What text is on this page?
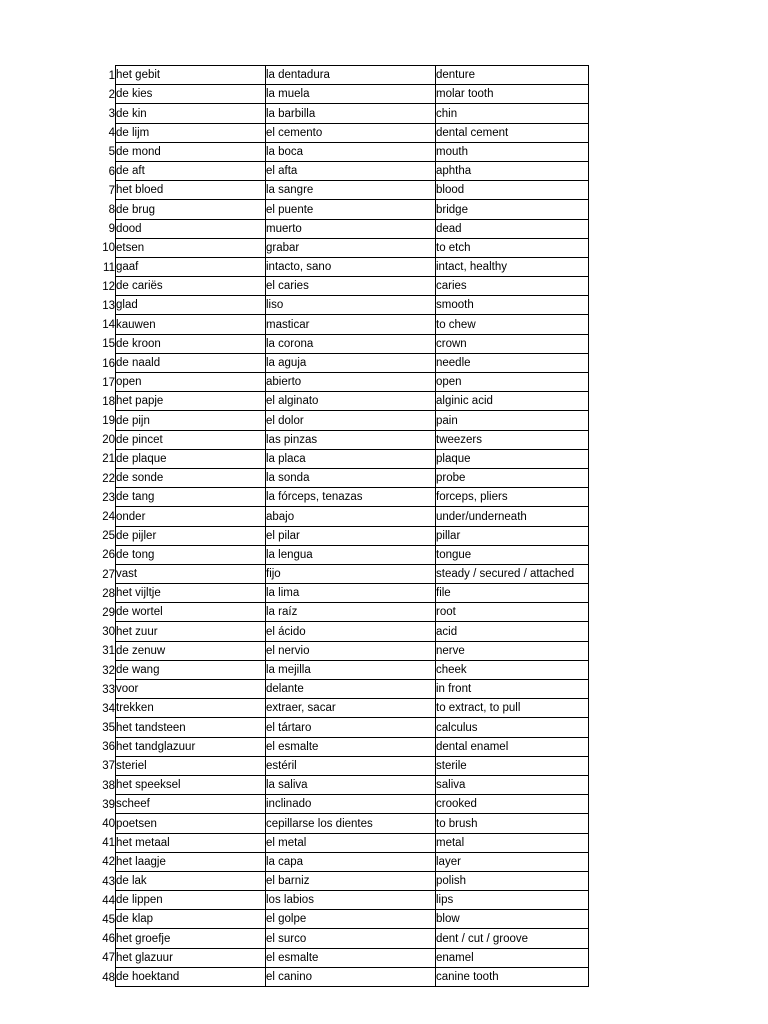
1	het gebit	la dentadura	denture
2	de kies	la muela	molar tooth
3	de kin	la barbilla	chin
4	de lijm	el cemento	dental cement
5	de mond	la boca	mouth
6	de aft	el afta	aphtha
7	het bloed	la sangre	blood
8	de brug	el puente	bridge
9	dood	muerto	dead
10	etsen	grabar	to etch
11	gaaf	intacto, sano	intact, healthy
12	de cariës	el caries	caries
13	glad	liso	smooth
14	kauwen	masticar	to chew
15	de kroon	la corona	crown
16	de naald	la aguja	needle
17	open	abierto	open
18	het papje	el alginato	alginic acid
19	de pijn	el dolor	pain
20	de pincet	las pinzas	tweezers
21	de plaque	la placa	plaque
22	de sonde	la sonda	probe
23	de tang	la fórceps, tenazas	forceps, pliers
24	onder	abajo	under/underneath
25	de pijler	el pilar	pillar
26	de tong	la lengua	tongue
27	vast	fijo	steady / secured / attached
28	het vijltje	la lima	file
29	de wortel	la raíz	root
30	het zuur	el ácido	acid
31	de zenuw	el nervio	nerve
32	de wang	la mejilla	cheek
33	voor	delante	in front
34	trekken	extraer, sacar	to extract, to pull
35	het tandsteen	el tártaro	calculus
36	het tandglazuur	el esmalte	dental enamel
37	steriel	estéril	sterile
38	het speeksel	la saliva	saliva
39	scheef	inclinado	crooked
40	poetsen	cepillarse los dientes	to brush
41	het metaal	el metal	metal
42	het laagje	la capa	layer
43	de lak	el barniz	polish
44	de lippen	los labios	lips
45	de klap	el golpe	blow
46	het groefje	el surco	dent / cut / groove
47	het glazuur	el esmalte	enamel
48	de hoektand	el canino	canine tooth
